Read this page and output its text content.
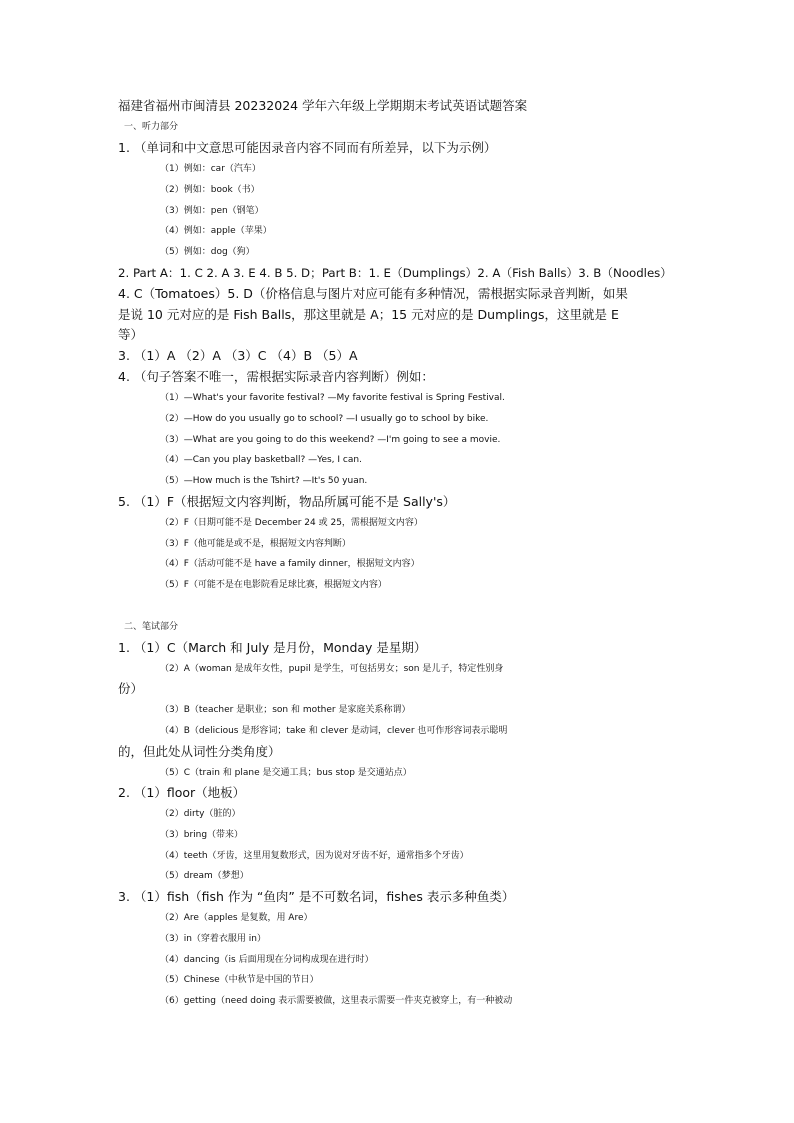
福建省福州市闽清县 20232024 学年六年级上学期期末考试英语试题答案
一、听力部分
1. （单词和中文意思可能因录音内容不同而有所差异，以下为示例）
（1）例如：car（汽车）
（2）例如：book（书）
（3）例如：pen（钢笔）
（4）例如：apple（苹果）
（5）例如：dog（狗）
2. Part A：1. C 2. A 3. E 4. B 5. D；Part B：1. E（Dumplings）2. A（Fish Balls）3. B（Noodles）
4. C（Tomatoes）5. D（价格信息与图片对应可能有多种情况，需根据实际录音判断，如果
是说 10 元对应的是 Fish Balls，那这里就是 A；15 元对应的是 Dumplings，这里就是 E
等）
3. （1）A （2）A （3）C （4）B （5）A
4. （句子答案不唯一，需根据实际录音内容判断）例如：
（1）—What's your favorite festival? —My favorite festival is Spring Festival.
（2）—How do you usually go to school? —I usually go to school by bike.
（3）—What are you going to do this weekend? —I'm going to see a movie.
（4）—Can you play basketball? —Yes, I can.
（5）—How much is the Tshirt? —It's 50 yuan.
5. （1）F（根据短文内容判断，物品所属可能不是 Sally's）
（2）F（日期可能不是 December 24 或 25，需根据短文内容）
（3）F（他可能是或不是，根据短文内容判断）
（4）F（活动可能不是 have a family dinner，根据短文内容）
（5）F（可能不是在电影院看足球比赛，根据短文内容）
二、笔试部分
1. （1）C（March 和 July 是月份，Monday 是星期）
（2）A（woman 是成年女性，pupil 是学生，可包括男女；son 是儿子，特定性别身
份）
（3）B（teacher 是职业；son 和 mother 是家庭关系称谓）
（4）B（delicious 是形容词；take 和 clever 是动词，clever 也可作形容词表示聪明
的，但此处从词性分类角度）
（5）C（train 和 plane 是交通工具；bus stop 是交通站点）
2. （1）floor（地板）
（2）dirty（脏的）
（3）bring（带来）
（4）teeth（牙齿，这里用复数形式，因为说对牙齿不好，通常指多个牙齿）
（5）dream（梦想）
3. （1）fish（fish 作为 “鱼肉” 是不可数名词，fishes 表示多种鱼类）
（2）Are（apples 是复数，用 Are）
（3）in（穿着衣服用 in）
（4）dancing（is 后面用现在分词构成现在进行时）
（5）Chinese（中秋节是中国的节日）
（6）getting（need doing 表示需要被做，这里表示需要一件夹克被穿上，有一种被动
